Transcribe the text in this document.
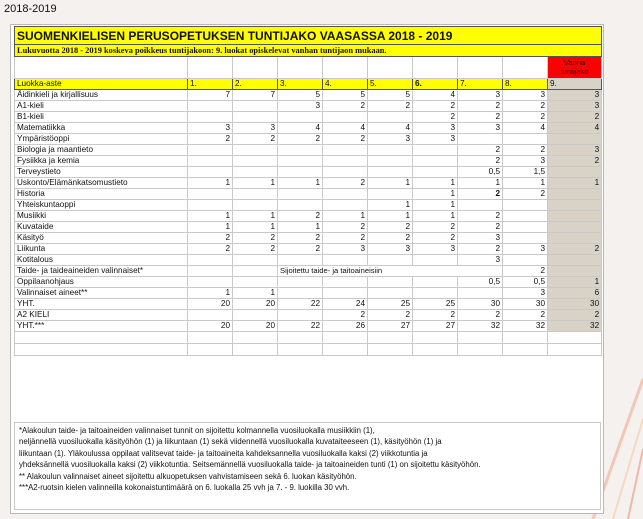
2018-2019
SUOMENKIELISEN PERUSOPETUKSEN TUNTIJAKO VAASASSA 2018 - 2019									
Lukuvuotta 2018 - 2019 koskeva poikkeus tuntijakoon: 9. luokat opiskelevat vanhan tuntijaon mukaan.									
									Vanha tuntijako
Luokka-aste	1.	2.	3.	4.	5.	6.	7.	8.	9.
Äidinkieli ja kirjallisuus	7	7	5	5	5	4	3	3	3
A1-kieli			3	2	2	2	2	2	3
B1-kieli						2	2	2	2
Matematiikka	3	3	4	4	4	3	3	4	4
Ympäristöoppi	2	2	2	2	3	3			
Biologia ja maantieto							2	2	3
Fysiikka ja kemia							2	3	2
Terveystieto							0,5	1,5	
Uskonto/Elämänkatsomustieto	1	1	1	2	1	1	1	1	1
Historia						1	2	2	
Yhteiskuntaoppi					1	1			
Musiikki	1	1	2	1	1	1	2		
Kuvataide	1	1	1	2	2	2	2		
Käsityö	2	2	2	2	2	2	3		
Liikunta	2	2	2	3	3	3	2	3	2
Kotitalous							3		
Taide- ja taideaineiden valinnaiset*			Sijoitettu taide- ja taitoaineisiin					2	
Oppilaanohjaus							0,5	0,5	1
Valinnaiset aineet**	1	1						3	6
YHT.	20	20	22	24	25	25	30	30	30
A2 KIELI				2	2	2	2	2	2
YHT.***	20	20	22	26	27	27	32	32	32

*Alakoulun taide- ja taitoaineiden valinnaiset tunnit on sijoitettu kolmannella vuosiluokalla musiikkiin (1),

neljännellä vuosiluokalla käsityöhön (1) ja liikuntaan (1) sekä viidennellä vuosiluokalla kuvataiteeseen (1), käsityöhön (1) ja

liikuntaan (1). Yläkoulussa oppilaat valitsevat taide- ja taitoaineita kahdeksannella vuosiluokalla kaksi (2) viikkotuntia ja

yhdeksännellä vuosiluokalla kaksi (2) viikkotuntia. Seitsemännellä vuosiluokalla taide- ja taitoaineiden tunti (1) on sijoitettu käsityöhön.

** Alakoulun valinnaiset aineet sijoitettu alkuopetuksen vahvistamiseen sekä 6. luokan käsityöhön.

***A2-ruotsin kielen valinneilla kokonaistuntimäärä on 6. luokalla 25 vvh ja 7. - 9. luokilla 30 vvh.
